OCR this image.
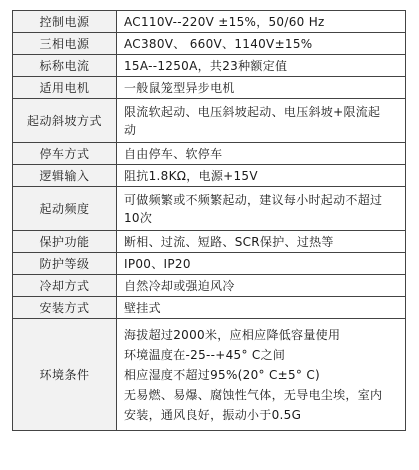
控制电源	AC110V--220V ±15%，50/60 Hz

三相电源	AC380V、 660V、1140V±15%

标称电流	15A--1250A，共23种额定值

适用电机	一般鼠笼型异步电机

起动斜坡方式	限流软起动、电压斜坡起动、电压斜坡+限流起
动

停车方式	自由停车、软停车

逻辑输入	阻抗1.8KΩ，电源+15V

起动频度	可做频繁或不频繁起动，建议每小时起动不超过
10次

保护功能	断相、过流、短路、SCR保护、过热等

防护等级	IP00、IP20

冷却方式	自然冷却或强迫风冷

安装方式	壁挂式

环境条件	海拔超过2000米，应相应降低容量使用
环境温度在-25--+45° C之间
相应湿度不超过95%(20° C±5° C)
无易燃、易爆、腐蚀性气体，无导电尘埃，室内
安装，通风良好，振动小于0.5G
